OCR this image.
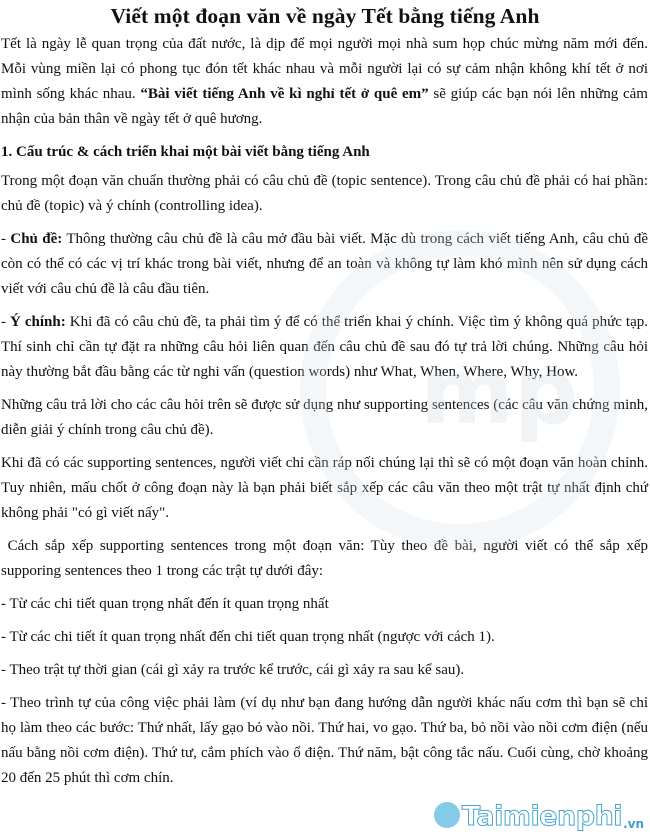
mp
Viết một đoạn văn về ngày Tết bằng tiếng Anh

Tết là ngày lễ quan trọng của đất nước, là dịp để mọi người mọi nhà sum họp chúc mừng năm mới đến. Mỗi vùng miền lại có phong tục đón tết khác nhau và mỗi người lại có sự cảm nhận không khí tết ở nơi mình sống khác nhau. “Bài viết tiếng Anh về kì nghỉ tết ở quê em” sẽ giúp các bạn nói lên những cảm nhận của bản thân về ngày tết ở quê hương.

1. Cấu trúc & cách triển khai một bài viết bằng tiếng Anh

Trong một đoạn văn chuẩn thường phải có câu chủ đề (topic sentence). Trong câu chủ đề phải có hai phần: chủ đề (topic) và ý chính (controlling idea).

- Chủ đề: Thông thường câu chủ đề là câu mở đầu bài viết. Mặc dù trong cách viết tiếng Anh, câu chủ đề còn có thể có các vị trí khác trong bài viết, nhưng để an toàn và không tự làm khó mình nên sử dụng cách viết với câu chủ đề là câu đầu tiên.

- Ý chính: Khi đã có câu chủ đề, ta phải tìm ý để có thể triển khai ý chính. Việc tìm ý không quá phức tạp. Thí sinh chỉ cần tự đặt ra những câu hỏi liên quan đến câu chủ đề sau đó tự trả lời chúng. Những câu hỏi này thường bắt đầu bằng các từ nghi vấn (question words) như What, When, Where, Why, How.

Những câu trả lời cho các câu hỏi trên sẽ được sử dụng như supporting sentences (các câu văn chứng minh, diễn giải ý chính trong câu chủ đề).

Khi đã có các supporting sentences, người viết chỉ cần ráp nối chúng lại thì sẽ có một đoạn văn hoàn chỉnh. Tuy nhiên, mấu chốt ở công đoạn này là bạn phải biết sắp xếp các câu văn theo một trật tự nhất định chứ không phải "có gì viết nấy".

Cách sắp xếp supporting sentences trong một đoạn văn: Tùy theo đề bài, người viết có thể sắp xếp supporing sentences theo 1 trong các trật tự dưới đây:

- Từ các chi tiết quan trọng nhất đến ít quan trọng nhất

- Từ các chi tiết ít quan trọng nhất đến chi tiết quan trọng nhất (ngược với cách 1).

- Theo trật tự thời gian (cái gì xảy ra trước kể trước, cái gì xảy ra sau kể sau).

- Theo trình tự của công việc phải làm (ví dụ như bạn đang hướng dẫn người khác nấu cơm thì bạn sẽ chỉ họ làm theo các bước: Thứ nhất, lấy gạo bỏ vào nồi. Thứ hai, vo gạo. Thứ ba, bỏ nồi vào nồi cơm điện (nếu nấu bằng nồi cơm điện). Thứ tư, cắm phích vào ổ điện. Thứ năm, bật công tắc nấu. Cuối cùng, chờ khoảng 20 đến 25 phút thì cơm chín.

Taimienphi .vn
